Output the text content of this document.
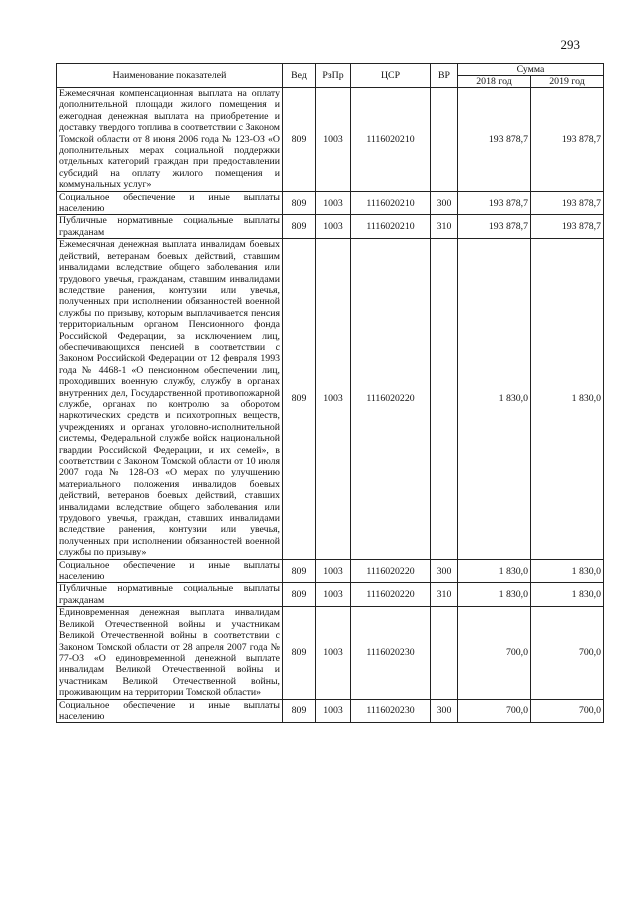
293
Наименование показателей	Вед	РзПр	ЦСР	ВР	Сумма	
					2018 год	2019 год
Ежемесячная компенсационная выплата на оплату дополнительной площади жилого помещения и ежегодная денежная выплата на приобретение и доставку твердого топлива в соответствии с Законом Томской области от 8 июня 2006 года № 123-ОЗ «О дополнительных мерах социальной поддержки отдельных категорий граждан при предоставлении субсидий на оплату жилого помещения и коммунальных услуг»	809	1003	1116020210		193 878,7	193 878,7
Социальное обеспечение и иные выплаты населению	809	1003	1116020210	300	193 878,7	193 878,7
Публичные нормативные социальные выплаты гражданам	809	1003	1116020210	310	193 878,7	193 878,7
Ежемесячная денежная выплата инвалидам боевых действий, ветеранам боевых действий, ставшим инвалидами вследствие общего заболевания или трудового увечья, гражданам, ставшим инвалидами вследствие ранения, контузии или увечья, полученных при исполнении обязанностей военной службы по призыву, которым выплачивается пенсия территориальным органом Пенсионного фонда Российской Федерации, за исключением лиц, обеспечивающихся пенсией в соответствии с Законом Российской Федерации от 12 февраля 1993 года № 4468-1 «О пенсионном обеспечении лиц, проходивших военную службу, службу в органах внутренних дел, Государственной противопожарной службе, органах по контролю за оборотом наркотических средств и психотропных веществ, учреждениях и органах уголовно-исполнительной системы, Федеральной службе войск национальной гвардии Российской Федерации, и их семей», в соответствии с Законом Томской области от 10 июля 2007 года № 128-ОЗ «О мерах по улучшению материального положения инвалидов боевых действий, ветеранов боевых действий, ставших инвалидами вследствие общего заболевания или трудового увечья, граждан, ставших инвалидами вследствие ранения, контузии или увечья, полученных при исполнении обязанностей военной службы по призыву»	809	1003	1116020220		1 830,0	1 830,0
Социальное обеспечение и иные выплаты населению	809	1003	1116020220	300	1 830,0	1 830,0
Публичные нормативные социальные выплаты гражданам	809	1003	1116020220	310	1 830,0	1 830,0
Единовременная денежная выплата инвалидам Великой Отечественной войны и участникам Великой Отечественной войны в соответствии с Законом Томской области от 28 апреля 2007 года № 77-ОЗ «О единовременной денежной выплате инвалидам Великой Отечественной войны и участникам Великой Отечественной войны, проживающим на территории Томской области»	809	1003	1116020230		700,0	700,0
Социальное обеспечение и иные выплаты населению	809	1003	1116020230	300	700,0	700,0
